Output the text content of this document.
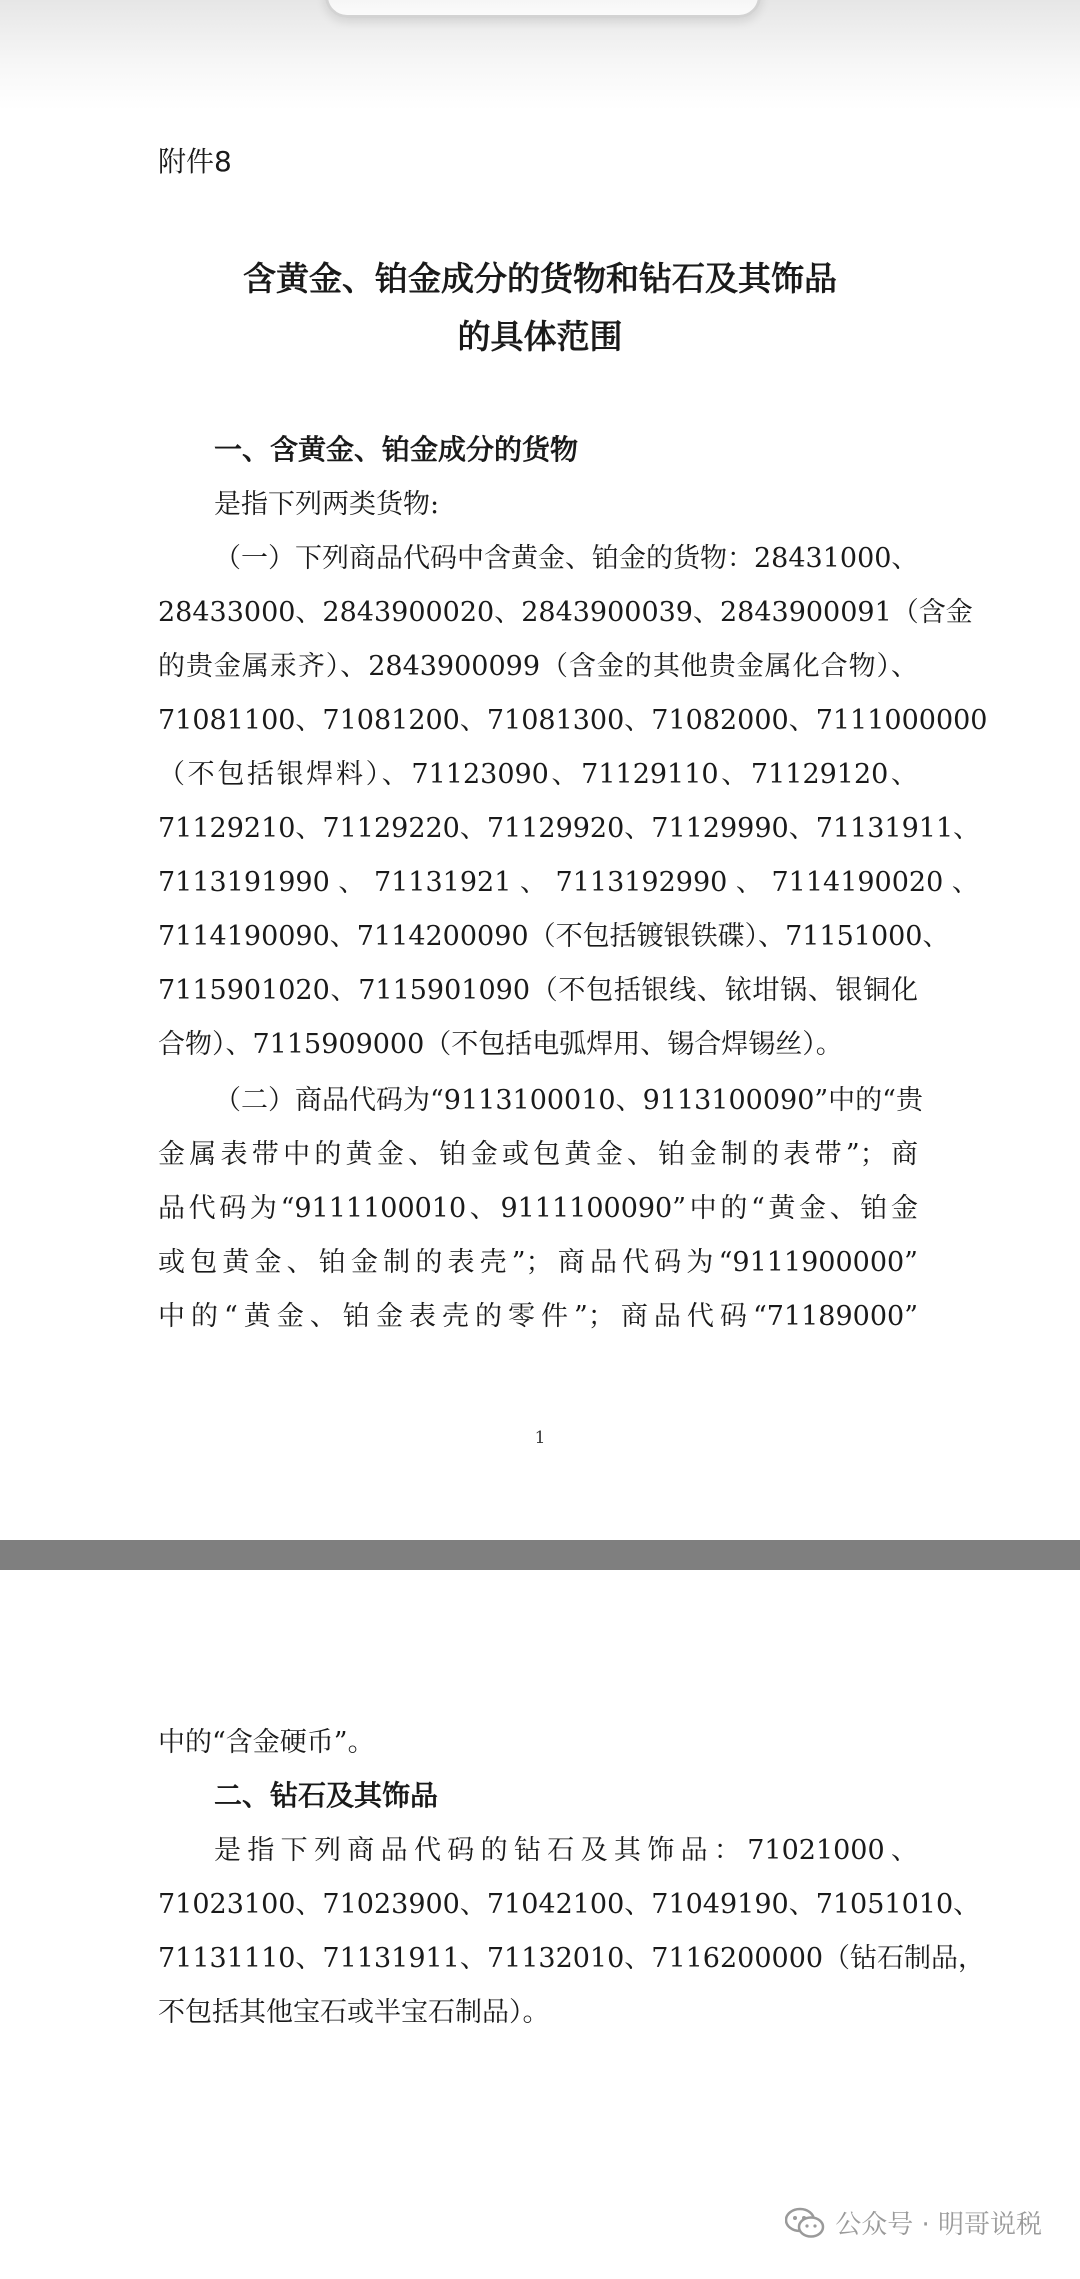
附件8

含黄金、铂金成分的货物和钻石及其饰品
的具体范围

一、含黄金、铂金成分的货物

是指下列两类货物:

（一）下列商品代码中含黄金、铂金的货物：28431000、

28433000、2843900020、2843900039、2843900091（含金

的贵金属汞齐）、2843900099（含金的其他贵金属化合物）、

71081100、71081200、71081300、71082000、7111000000

（不包括银焊料）、71123090、71129110、71129120、

71129210、71129220、71129920、71129990、71131911、

7113191990 、 71131921 、 7113192990 、 7114190020 、

7114190090、7114200090（不包括镀银铁碟）、71151000、

7115901020、7115901090（不包括银线、铱坩锅、银铜化

合物）、7115909000（不包括电弧焊用、锡合焊锡丝）。

（二）商品代码为“9113100010、9113100090”中的“贵

金属表带中的黄金、铂金或包黄金、铂金制的表带”；商

品代码为“9111100010、9111100090”中的“黄金、铂金

或包黄金、铂金制的表壳”；商品代码为“9111900000”

中的“黄金、铂金表壳的零件”；商品代码“71189000”

1

中的“含金硬币”。

二、钻石及其饰品

是指下列商品代码的钻石及其饰品：71021000、

71023100、71023900、71042100、71049190、71051010、

71131110、71131911、71132010、7116200000（钻石制品，

不包括其他宝石或半宝石制品）。

公众号 · 明哥说税
